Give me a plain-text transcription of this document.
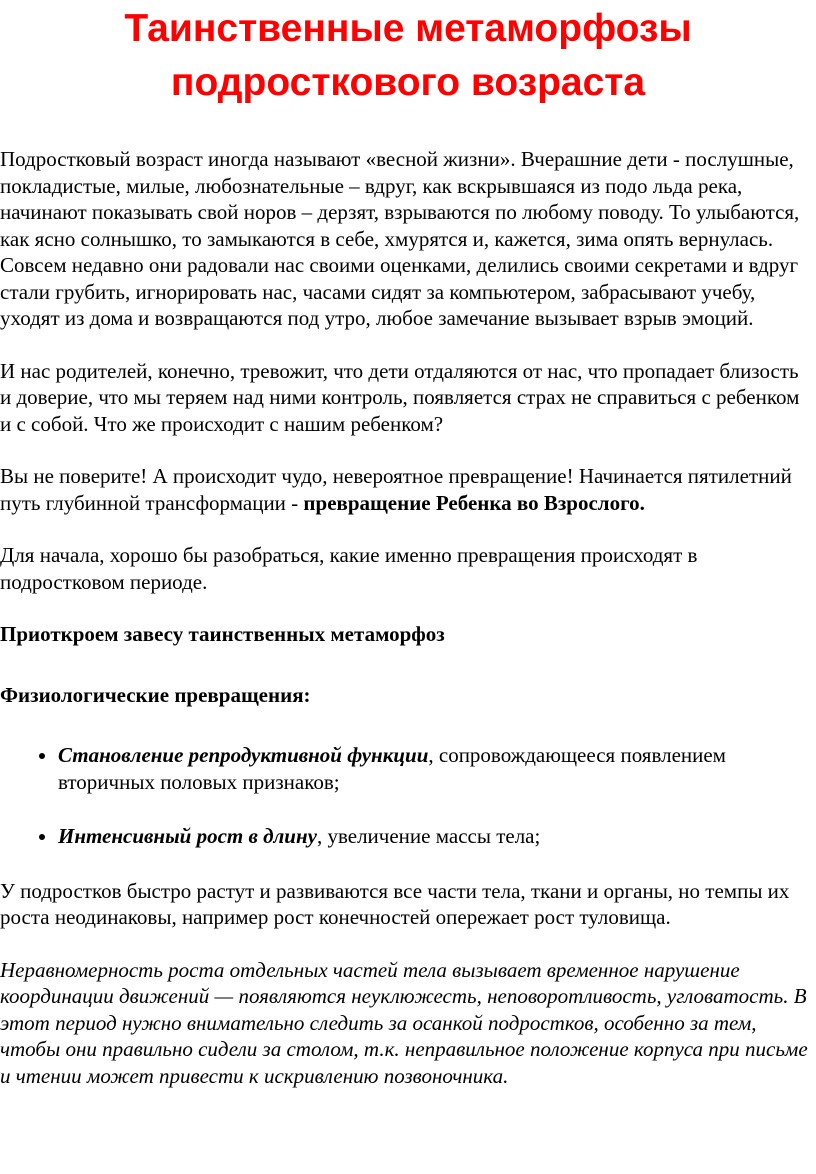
Таинственные метаморфозы
подросткового возраста

Подростковый возраст иногда называют «весной жизни». Вчерашние дети - послушные, покладистые, милые, любознательные – вдруг, как вскрывшаяся из подо льда река, начинают показывать свой норов – дерзят, взрываются по любому поводу. То улыбаются, как ясно солнышко, то замыкаются в себе, хмурятся и, кажется, зима опять вернулась. Совсем недавно они радовали нас своими оценками, делились своими секретами и вдруг стали грубить, игнорировать нас, часами сидят за компьютером, забрасывают учебу, уходят из дома и возвращаются под утро, любое замечание вызывает взрыв эмоций.

И нас родителей, конечно, тревожит, что дети отдаляются от нас, что пропадает близость и доверие, что мы теряем над ними контроль, появляется страх не справиться с ребенком и с собой. Что же происходит с нашим ребенком?

Вы не поверите! А происходит чудо, невероятное превращение! Начинается пятилетний путь глубинной трансформации - превращение Ребенка во Взрослого.

Для начала, хорошо бы разобраться, какие именно превращения происходят в подростковом периоде.

Приоткроем завесу таинственных метаморфоз

Физиологические превращения:

• Становление репродуктивной функции, сопровождающееся появлением вторичных половых признаков;
• Интенсивный рост в длину, увеличение массы тела;

У подростков быстро растут и развиваются все части тела, ткани и органы, но темпы их роста неодинаковы, например рост конечностей опережает рост туловища.

Неравномерность роста отдельных частей тела вызывает временное нарушение координации движений — появляются неуклюжесть, неповоротливость, угловатость. В этот период нужно внимательно следить за осанкой подростков, особенно за тем, чтобы они правильно сидели за столом, т.к. неправильное положение корпуса при письме и чтении может привести к искривлению позвоночника.
